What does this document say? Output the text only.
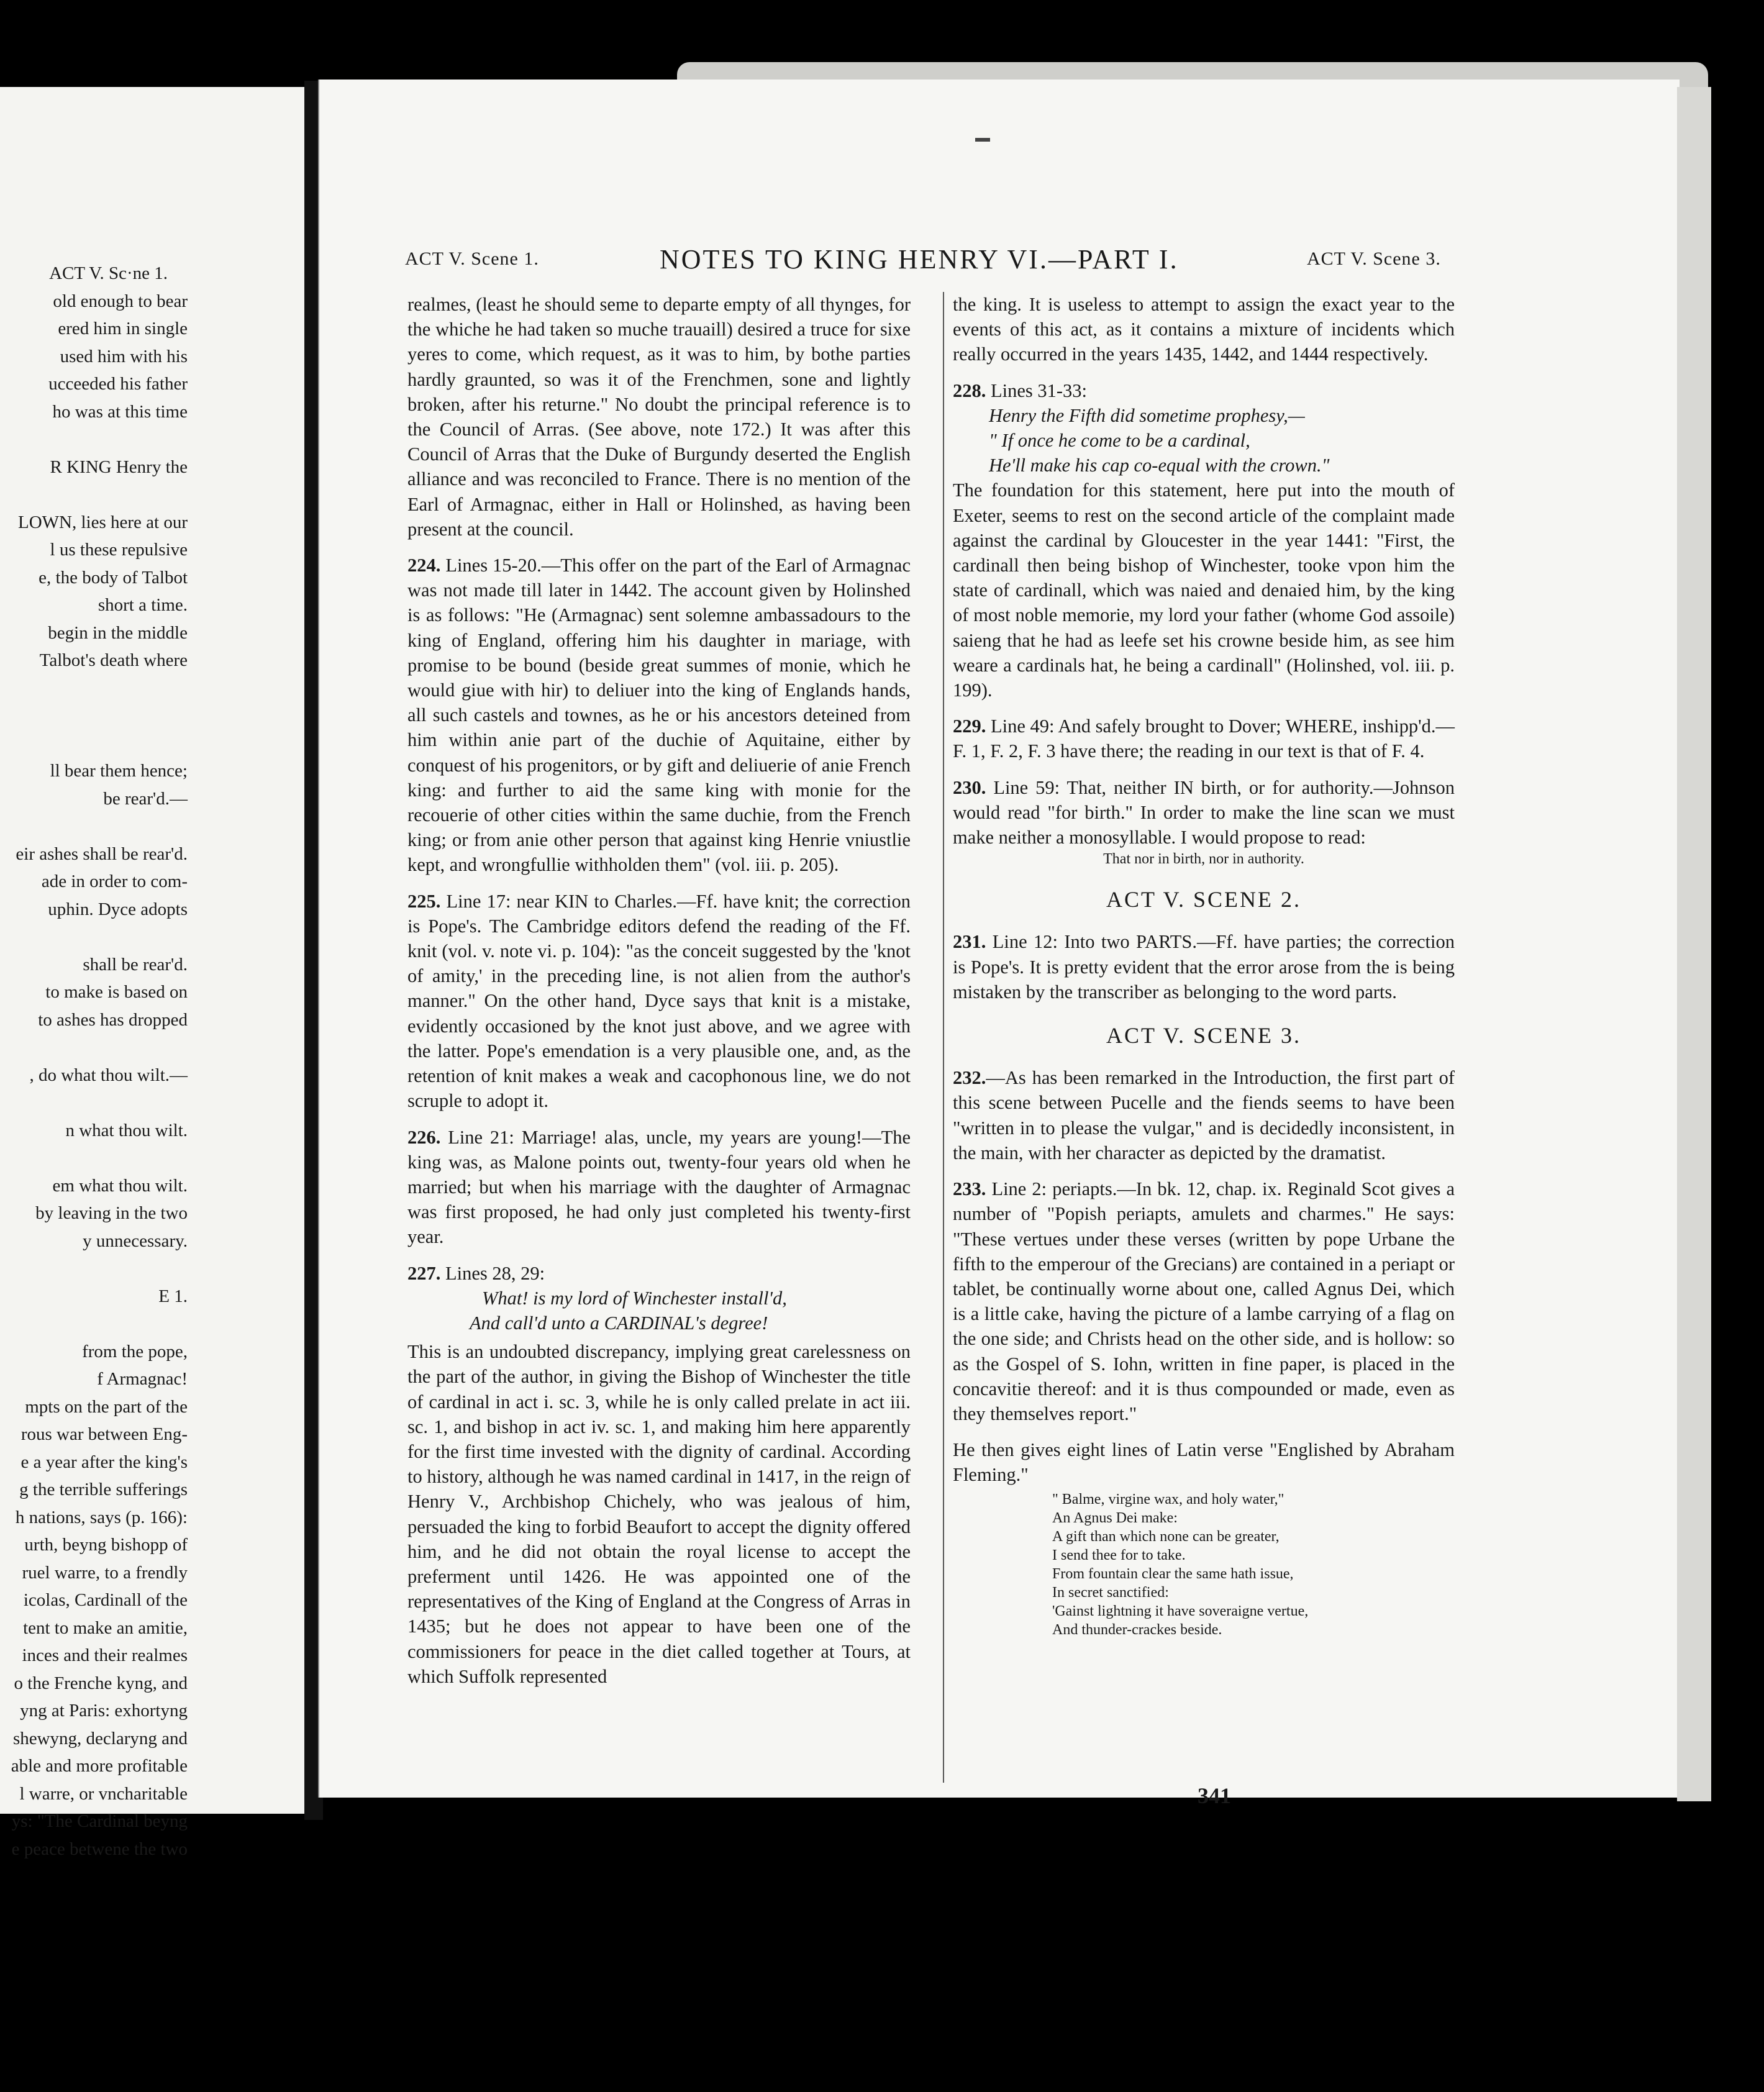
ACT V. Sc·ne 1.
old enough to bear
ered him in single
used him with his
ucceeded his father
ho was at this time
R KING Henry the
LOWN, lies here at our
l us these repulsive
e, the body of Talbot
short a time.
begin in the middle
Talbot's death where
ll bear them hence;
be rear'd.—
eir ashes shall be rear'd.
ade in order to com-
uphin. Dyce adopts
shall be rear'd.
to make is based on
to ashes has dropped
, do what thou wilt.—
n what thou wilt.
em what thou wilt.
by leaving in the two
y unnecessary.
E 1.
from the pope,
f Armagnac!
mpts on the part of the
rous war between Eng-
e a year after the king's
g the terrible sufferings
h nations, says (p. 166):
urth, beyng bishopp of
ruel warre, to a frendly
icolas, Cardinall of the
tent to make an amitie,
inces and their realmes
o the Frenche kyng, and
yng at Paris: exhortyng
shewyng, declaryng and
able and more profitable
l warre, or vncharitable
ys: "The Cardinal beyng
e peace betwene the two
ACT V. Scene 1.	NOTES TO KING HENRY VI.—PART I.	ACT V. Scene 3.

realmes, (least he should seme to departe empty of all thynges, for the whiche he had taken so muche trauaill) desired a truce for sixe yeres to come, which request, as it was to him, by bothe parties hardly graunted, so was it of the Frenchmen, sone and lightly broken, after his returne." No doubt the principal reference is to the Council of Arras. (See above, note 172.) It was after this Council of Arras that the Duke of Burgundy deserted the English alliance and was reconciled to France. There is no mention of the Earl of Armagnac, either in Hall or Holinshed, as having been present at the council.

224. Lines 15-20.—This offer on the part of the Earl of Armagnac was not made till later in 1442. The account given by Holinshed is as follows: "He (Armagnac) sent solemne ambassadours to the king of England, offering him his daughter in mariage, with promise to be bound (beside great summes of monie, which he would giue with hir) to deliuer into the king of Englands hands, all such castels and townes, as he or his ancestors deteined from him within anie part of the duchie of Aquitaine, either by conquest of his progenitors, or by gift and deliuerie of anie French king: and further to aid the same king with monie for the recouerie of other cities within the same duchie, from the French king; or from anie other person that against king Henrie vniustlie kept, and wrongfullie withholden them" (vol. iii. p. 205).

225. Line 17: near KIN to Charles.—Ff. have knit; the correction is Pope's. The Cambridge editors defend the reading of the Ff. knit (vol. v. note vi. p. 104): "as the conceit suggested by the 'knot of amity,' in the preceding line, is not alien from the author's manner." On the other hand, Dyce says that knit is a mistake, evidently occasioned by the knot just above, and we agree with the latter. Pope's emendation is a very plausible one, and, as the retention of knit makes a weak and cacophonous line, we do not scruple to adopt it.

226. Line 21: Marriage! alas, uncle, my years are young!—The king was, as Malone points out, twenty-four years old when he married; but when his marriage with the daughter of Armagnac was first proposed, he had only just completed his twenty-first year.

227. Lines 28, 29:

What! is my lord of Winchester install'd,
And call'd unto a CARDINAL's degree!

This is an undoubted discrepancy, implying great carelessness on the part of the author, in giving the Bishop of Winchester the title of cardinal in act i. sc. 3, while he is only called prelate in act iii. sc. 1, and bishop in act iv. sc. 1, and making him here apparently for the first time invested with the dignity of cardinal. According to history, although he was named cardinal in 1417, in the reign of Henry V., Archbishop Chichely, who was jealous of him, persuaded the king to forbid Beaufort to accept the dignity offered him, and he did not obtain the royal license to accept the preferment until 1426. He was appointed one of the representatives of the King of England at the Congress of Arras in 1435; but he does not appear to have been one of the commissioners for peace in the diet called together at Tours, at which Suffolk represented

the king. It is useless to attempt to assign the exact year to the events of this act, as it contains a mixture of incidents which really occurred in the years 1435, 1442, and 1444 respectively.

228. Lines 31-33:

Henry the Fifth did sometime prophesy,—
" If once he come to be a cardinal,
He'll make his cap co-equal with the crown."

The foundation for this statement, here put into the mouth of Exeter, seems to rest on the second article of the complaint made against the cardinal by Gloucester in the year 1441: "First, the cardinall then being bishop of Winchester, tooke vpon him the state of cardinall, which was naied and denaied him, by the king of most noble memorie, my lord your father (whome God assoile) saieng that he had as leefe set his crowne beside him, as see him weare a cardinals hat, he being a cardinall" (Holinshed, vol. iii. p. 199).

229. Line 49: And safely brought to Dover; WHERE, inshipp'd.—F. 1, F. 2, F. 3 have there; the reading in our text is that of F. 4.

230. Line 59: That, neither IN birth, or for authority.—Johnson would read "for birth." In order to make the line scan we must make neither a monosyllable. I would propose to read:

That nor in birth, nor in authority.
ACT V. SCENE 2.

231. Line 12: Into two PARTS.—Ff. have parties; the correction is Pope's. It is pretty evident that the error arose from the is being mistaken by the transcriber as belonging to the word parts.

ACT V. SCENE 3.

232.—As has been remarked in the Introduction, the first part of this scene between Pucelle and the fiends seems to have been "written in to please the vulgar," and is decidedly inconsistent, in the main, with her character as depicted by the dramatist.

233. Line 2: periapts.—In bk. 12, chap. ix. Reginald Scot gives a number of "Popish periapts, amulets and charmes." He says: "These vertues under these verses (written by pope Urbane the fifth to the emperour of the Grecians) are contained in a periapt or tablet, be continually worne about one, called Agnus Dei, which is a little cake, having the picture of a lambe carrying of a flag on the one side; and Christs head on the other side, and is hollow: so as the Gospel of S. Iohn, written in fine paper, is placed in the concavitie thereof: and it is thus compounded or made, even as they themselves report."

He then gives eight lines of Latin verse "Englished by Abraham Fleming."

" Balme, virgine wax, and holy water,"
An Agnus Dei make:
A gift than which none can be greater,
I send thee for to take.
From fountain clear the same hath issue,
In secret sanctified:
'Gainst lightning it have soveraigne vertue,
And thunder-crackes beside.
341
